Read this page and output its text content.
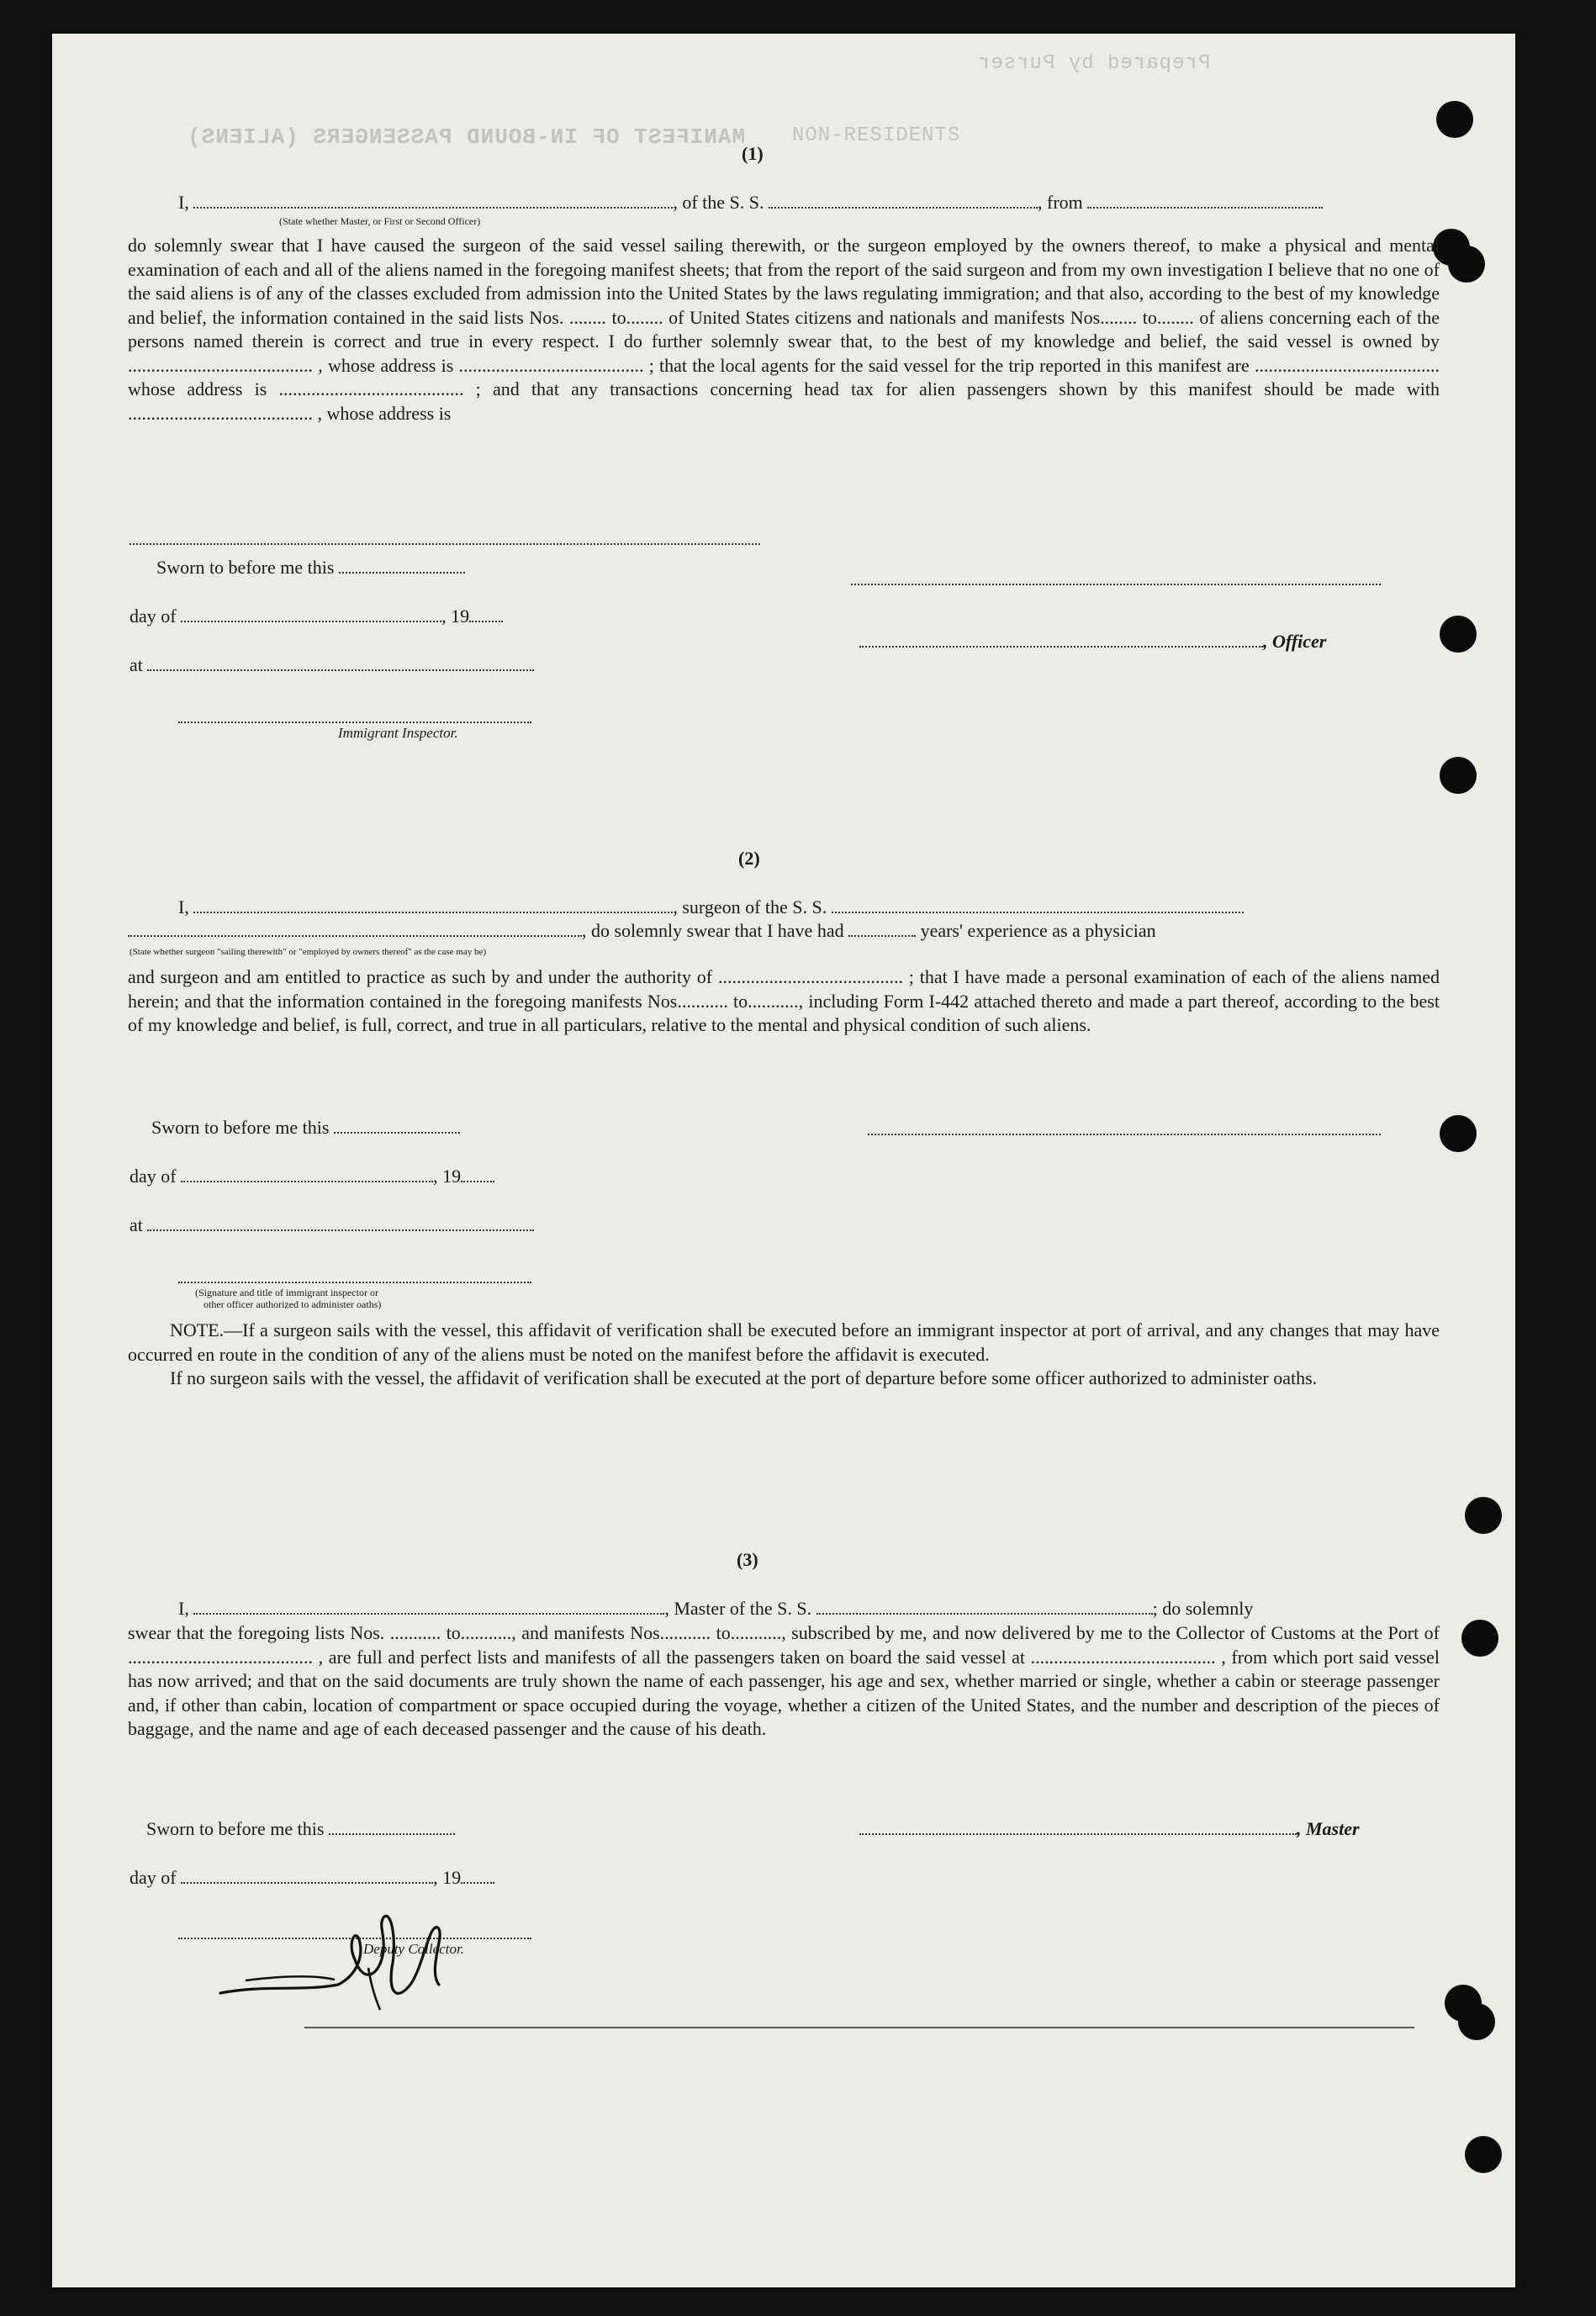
MANIFEST OF IN-BOUND PASSENGERS (ALIENS) NON-RESIDENTS
Prepared by Purser
(1)
I,	, of the S. S.	, from
(State whether Master, or First or Second Officer)

do solemnly swear that I have caused the surgeon of the said vessel sailing therewith, or the surgeon employed by the owners thereof, to make a physical and mental examination of each and all of the aliens named in the foregoing manifest sheets; that from the report of the said surgeon and from my own investigation I believe that no one of the said aliens is of any of the classes excluded from admission into the United States by the laws regulating immigration; and that also, according to the best of my knowledge and belief, the information contained in the said lists Nos. ........ to........ of United States citizens and nationals and manifests Nos........ to........ of aliens concerning each of the persons named therein is correct and true in every respect. I do further solemnly swear that, to the best of my knowledge and belief, the said vessel is owned by ........................................ , whose address is ........................................ ; that the local agents for the said vessel for the trip reported in this manifest are ........................................ whose address is ........................................ ; and that any transactions concerning head tax for alien passengers shown by this manifest should be made with ........................................ , whose address is

Sworn to before me this
day of	, 19
at
Immigrant Inspector.
, Officer
(2)
I,	, surgeon of the S. S.
, do solemnly swear that I have had	years' experience as a physician
(State whether surgeon "sailing therewith" or "employed by owners thereof" as the case may be)

and surgeon and am entitled to practice as such by and under the authority of ........................................ ; that I have made a personal examination of each of the aliens named herein; and that the information contained in the foregoing manifests Nos........... to..........., including Form I-442 attached thereto and made a part thereof, according to the best of my knowledge and belief, is full, correct, and true in all particulars, relative to the mental and physical condition of such aliens.

Sworn to before me this
day of	, 19
at
(Signature and title of immigrant inspector or
other officer authorized to administer oaths)

NOTE.—If a surgeon sails with the vessel, this affidavit of verification shall be executed before an immigrant inspector at port of arrival, and any changes that may have occurred en route in the condition of any of the aliens must be noted on the manifest before the affidavit is executed.

If no surgeon sails with the vessel, the affidavit of verification shall be executed at the port of departure before some officer authorized to administer oaths.

(3)
I,	, Master of the S. S.	; do solemnly

swear that the foregoing lists Nos. ........... to..........., and manifests Nos........... to..........., subscribed by me, and now delivered by me to the Collector of Customs at the Port of ........................................ , are full and perfect lists and manifests of all the passengers taken on board the said vessel at ........................................ , from which port said vessel has now arrived; and that on the said documents are truly shown the name of each passenger, his age and sex, whether married or single, whether a cabin or steerage passenger and, if other than cabin, location of compartment or space occupied during the voyage, whether a citizen of the United States, and the number and description of the pieces of baggage, and the name and age of each deceased passenger and the cause of his death.

Sworn to before me this	, Master
day of	, 19
Deputy Collector.
